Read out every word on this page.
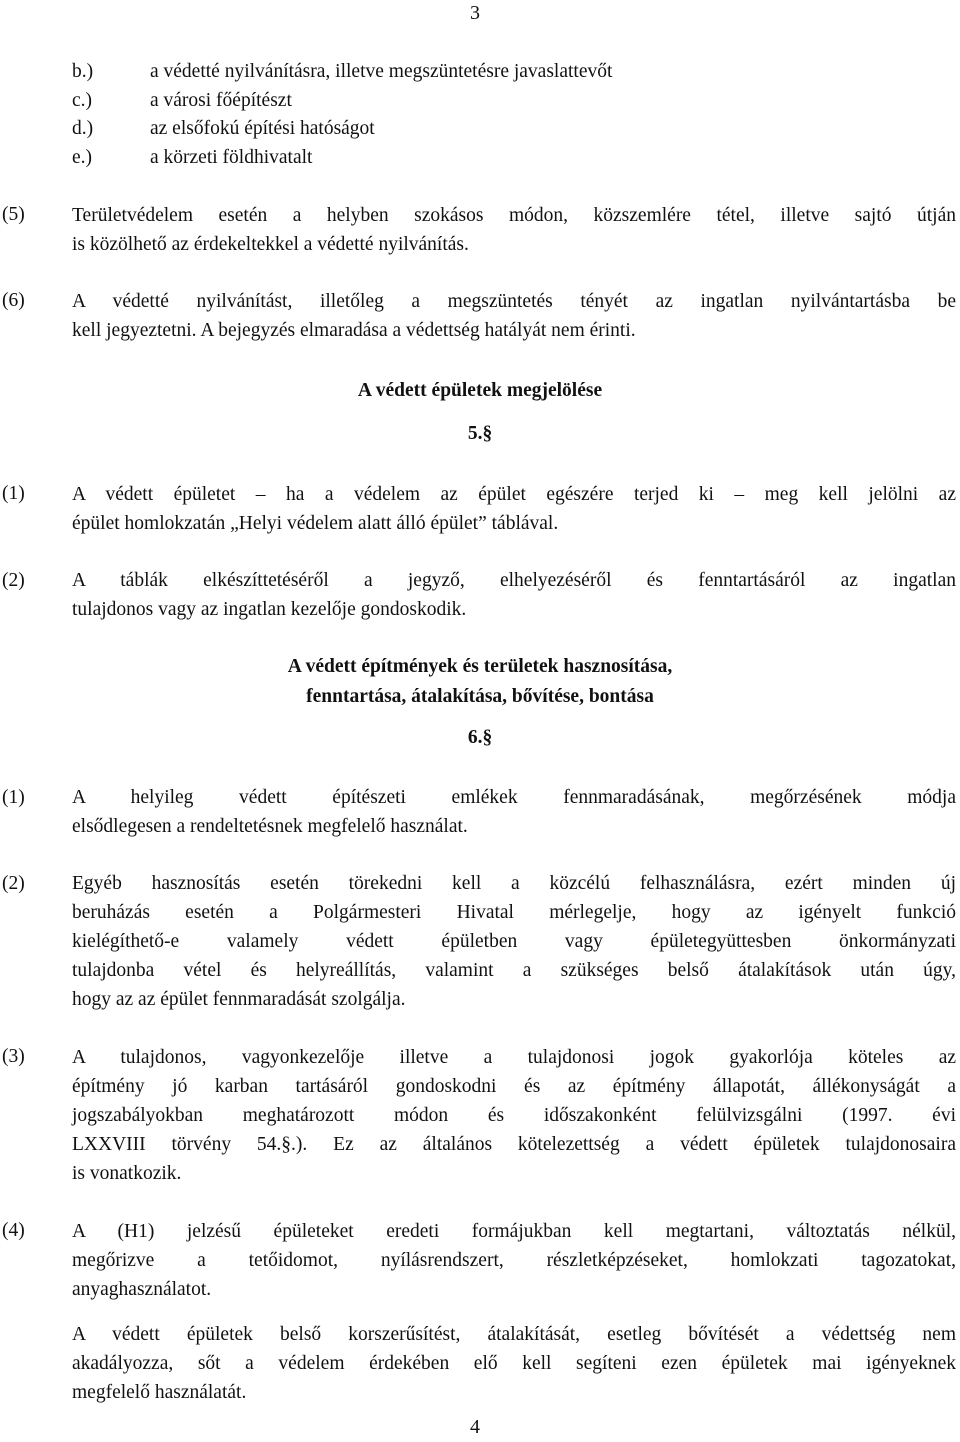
3
b.)	a védetté nyilvánításra, illetve megszüntetésre javaslattevőt
c.)	a városi főépítészt
d.)	az elsőfokú építési hatóságot
e.)	a körzeti földhivatalt
(5) Területvédelem esetén a helyben szokásos módon, közszemlére tétel, illetve sajtó útján
is közölhető az érdekeltekkel a védetté nyilvánítás.
(6) A védetté nyilvánítást, illetőleg a megszüntetés tényét az ingatlan nyilvántartásba be
kell jegyeztetni. A bejegyzés elmaradása a védettség hatályát nem érinti.
A védett épületek megjelölése
5.§
(1) A védett épületet – ha a védelem az épület egészére terjed ki – meg kell jelölni az
épület homlokzatán „Helyi védelem alatt álló épület” táblával.
(2) A táblák elkészíttetéséről a jegyző, elhelyezéséről és fenntartásáról az ingatlan
tulajdonos vagy az ingatlan kezelője gondoskodik.
A védett építmények és területek hasznosítása,
fenntartása, átalakítása, bővítése, bontása
6.§
(1) A helyileg védett építészeti emlékek fennmaradásának, megőrzésének módja
elsődlegesen a rendeltetésnek megfelelő használat.
(2) Egyéb hasznosítás esetén törekedni kell a közcélú felhasználásra, ezért minden új
beruházás esetén a Polgármesteri Hivatal mérlegelje, hogy az igényelt funkció
kielégíthető-e valamely védett épületben vagy épületegyüttesben önkormányzati
tulajdonba vétel és helyreállítás, valamint a szükséges belső átalakítások után úgy,
hogy az az épület fennmaradását szolgálja.
(3) A tulajdonos, vagyonkezelője illetve a tulajdonosi jogok gyakorlója köteles az
építmény jó karban tartásáról gondoskodni és az építmény állapotát, állékonyságát a
jogszabályokban meghatározott módon és időszakonként felülvizsgálni (1997. évi
LXXVIII törvény 54.§.). Ez az általános kötelezettség a védett épületek tulajdonosaira
is vonatkozik.
(4) A (H1) jelzésű épületeket eredeti formájukban kell megtartani, változtatás nélkül,
megőrizve a tetőidomot, nyílásrendszert, részletképzéseket, homlokzati tagozatokat,
anyaghasználatot.
A védett épületek belső korszerűsítést, átalakítását, esetleg bővítését a védettség nem
akadályozza, sőt a védelem érdekében elő kell segíteni ezen épületek mai igényeknek
megfelelő használatát.
4
